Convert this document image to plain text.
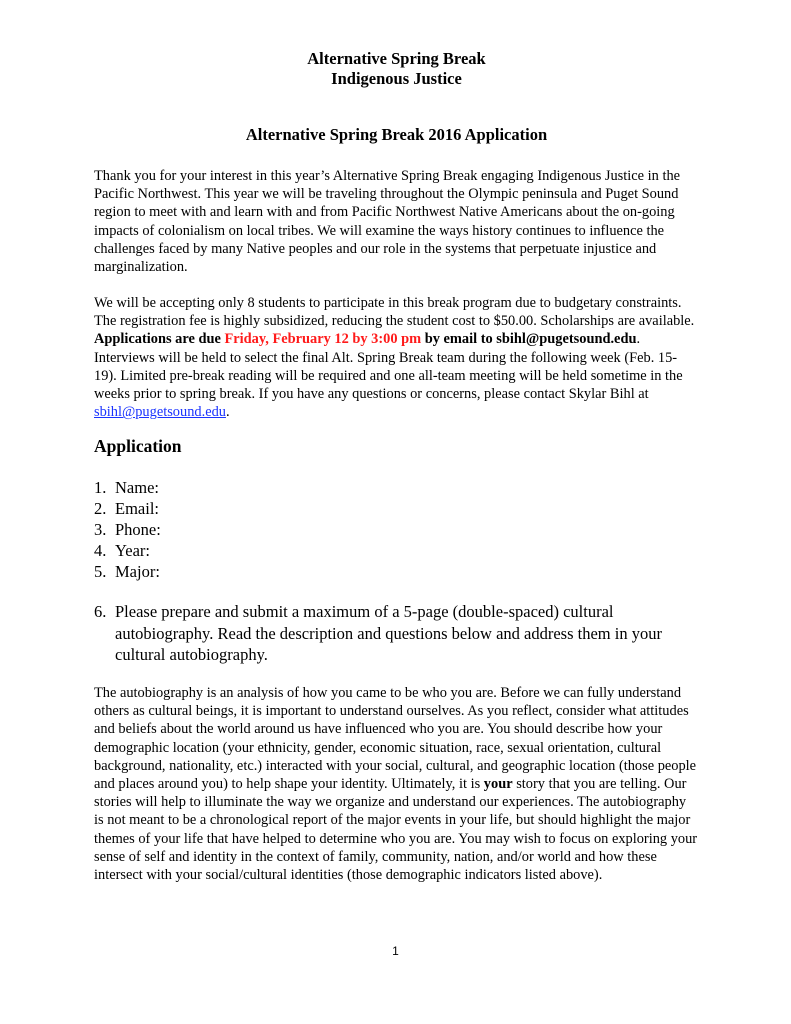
Alternative Spring Break
Indigenous Justice
Alternative Spring Break 2016 Application
Thank you for your interest in this year’s Alternative Spring Break engaging Indigenous Justice in the Pacific Northwest. This year we will be traveling throughout the Olympic peninsula and Puget Sound region to meet with and learn with and from Pacific Northwest Native Americans about the on-going impacts of colonialism on local tribes. We will examine the ways history continues to influence the challenges faced by many Native peoples and our role in the systems that perpetuate injustice and marginalization.
We will be accepting only 8 students to participate in this break program due to budgetary constraints. The registration fee is highly subsidized, reducing the student cost to $50.00. Scholarships are available. Applications are due Friday, February 12 by 3:00 pm by email to sbihl@pugetsound.edu. Interviews will be held to select the final Alt. Spring Break team during the following week (Feb. 15-19). Limited pre-break reading will be required and one all-team meeting will be held sometime in the weeks prior to spring break. If you have any questions or concerns, please contact Skylar Bihl at sbihl@pugetsound.edu.
Application
1. Name:
2. Email:
3. Phone:
4. Year:
5. Major:
6. Please prepare and submit a maximum of a 5-page (double-spaced) cultural autobiography. Read the description and questions below and address them in your cultural autobiography.
The autobiography is an analysis of how you came to be who you are. Before we can fully understand others as cultural beings, it is important to understand ourselves. As you reflect, consider what attitudes and beliefs about the world around us have influenced who you are. You should describe how your demographic location (your ethnicity, gender, economic situation, race, sexual orientation, cultural background, nationality, etc.) interacted with your social, cultural, and geographic location (those people and places around you) to help shape your identity. Ultimately, it is your story that you are telling. Our stories will help to illuminate the way we organize and understand our experiences. The autobiography is not meant to be a chronological report of the major events in your life, but should highlight the major themes of your life that have helped to determine who you are. You may wish to focus on exploring your sense of self and identity in the context of family, community, nation, and/or world and how these intersect with your social/cultural identities (those demographic indicators listed above).
1
